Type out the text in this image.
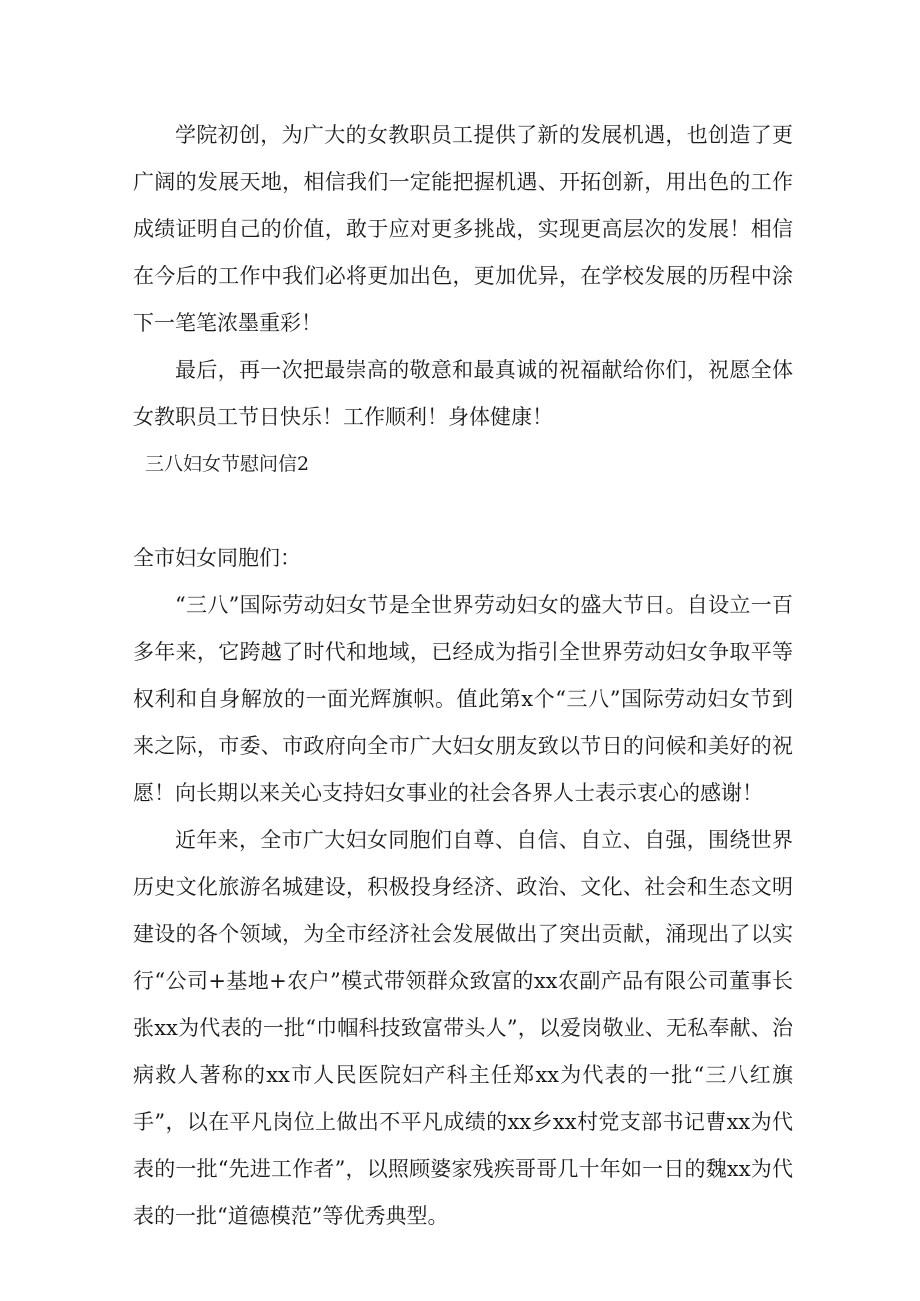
学院初创，为广大的女教职员工提供了新的发展机遇，也创造了更广阔的发展天地，相信我们一定能把握机遇、开拓创新，用出色的工作成绩证明自己的价值，敢于应对更多挑战，实现更高层次的发展！相信在今后的工作中我们必将更加出色，更加优异，在学校发展的历程中涂下一笔笔浓墨重彩！

最后，再一次把最崇高的敬意和最真诚的祝福献给你们，祝愿全体女教职员工节日快乐！工作顺利！身体健康！

三八妇女节慰问信2

全市妇女同胞们：

“三八”国际劳动妇女节是全世界劳动妇女的盛大节日。自设立一百多年来，它跨越了时代和地域，已经成为指引全世界劳动妇女争取平等权利和自身解放的一面光辉旗帜。值此第x个“三八”国际劳动妇女节到来之际，市委、市政府向全市广大妇女朋友致以节日的问候和美好的祝愿！向长期以来关心支持妇女事业的社会各界人士表示衷心的感谢！

近年来，全市广大妇女同胞们自尊、自信、自立、自强，围绕世界历史文化旅游名城建设，积极投身经济、政治、文化、社会和生态文明建设的各个领域，为全市经济社会发展做出了突出贡献，涌现出了以实行“公司+基地+农户”模式带领群众致富的xx农副产品有限公司董事长张xx为代表的一批“巾帼科技致富带头人”，以爱岗敬业、无私奉献、治病救人著称的xx市人民医院妇产科主任郑xx为代表的一批“三八红旗手”，以在平凡岗位上做出不平凡成绩的xx乡xx村党支部书记曹xx为代表的一批“先进工作者”，以照顾婆家残疾哥哥几十年如一日的魏xx为代表的一批“道德模范”等优秀典型。
